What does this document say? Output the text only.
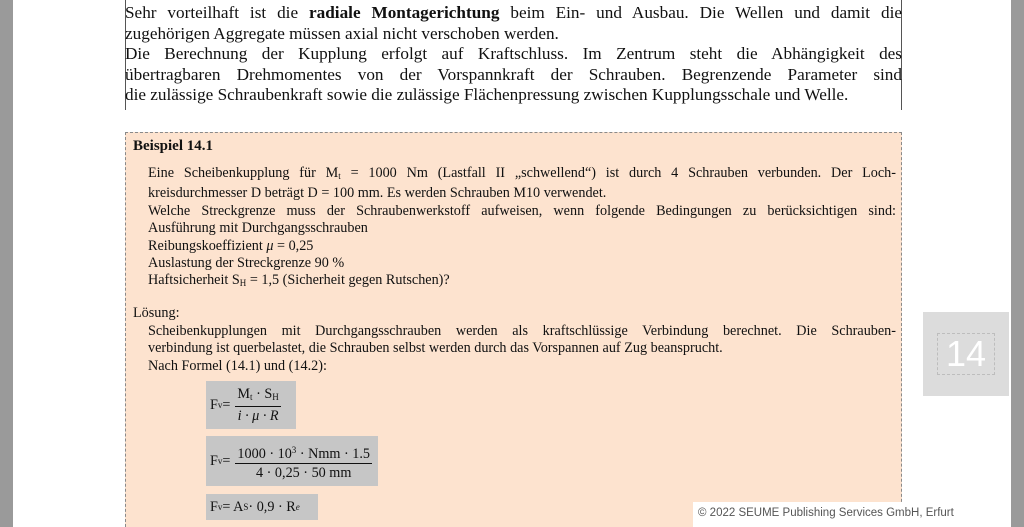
Sehr vorteilhaft ist die radiale Montagerichtung beim Ein- und Ausbau. Die Wellen und damit die

zugehörigen Aggregate müssen axial nicht verschoben werden.

Die Berechnung der Kupplung erfolgt auf Kraftschluss. Im Zentrum steht die Abhängigkeit des

übertragbaren Drehmomentes von der Vorspannkraft der Schrauben. Begrenzende Parameter sind

die zulässige Schraubenkraft sowie die zulässige Flächenpressung zwischen Kupplungsschale und Welle.

Beispiel 14.1
Eine Scheibenkupplung für $M_t = 1000$ Nm (Lastfall II „schwellend“) ist durch 4 Schrauben verbunden. Der Loch-
kreisdurchmesser D beträgt D = 100 mm. Es werden Schrauben M10 verwendet.
Welche Streckgrenze muss der Schraubenwerkstoff aufweisen, wenn folgende Bedingungen zu berücksichtigen sind:
Ausführung mit Durchgangsschrauben
Reibungskoeffizient μ = 0,25
Auslastung der Streckgrenze 90 %
Haftsicherheit $S_H = 1,5$ (Sicherheit gegen Rutschen)?
Lösung:
Scheibenkupplungen mit Durchgangsschrauben werden als kraftschlüssige Verbindung berechnet. Die Schrauben-
verbindung ist querbelastet, die Schrauben selbst werden durch das Vorspannen auf Zug beansprucht.
Nach Formel (14.1) und (14.2):
F $v = \frac{M_t \cdot S_H}{i \cdot \mu \cdot R}$
F $v = \frac{1000 \cdot 10^3 \cdot Nmm \cdot 1.5}{4 \cdot 0,25 \cdot 50 mm}$
F v = A S · 0,9 · R e
14
© 2022 SEUME Publishing Services GmbH, Erfurt
